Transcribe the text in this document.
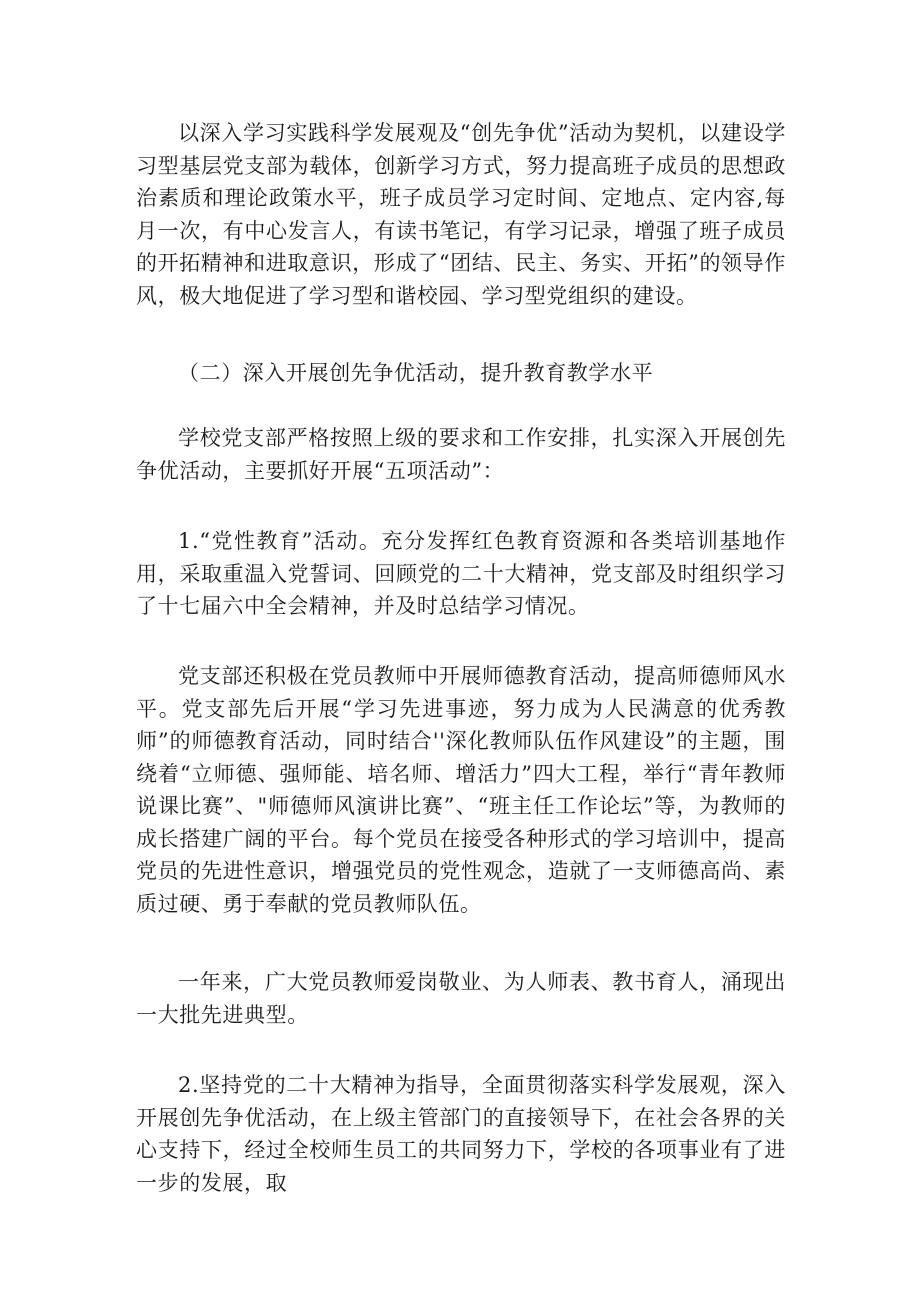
以深入学习实践科学发展观及“创先争优”活动为契机，以建设学习型基层党支部为载体，创新学习方式，努力提高班子成员的思想政治素质和理论政策水平，班子成员学习定时间、定地点、定内容,每月一次，有中心发言人，有读书笔记，有学习记录，增强了班子成员的开拓精神和进取意识，形成了“团结、民主、务实、开拓”的领导作风，极大地促进了学习型和谐校园、学习型党组织的建设。

（二）深入开展创先争优活动，提升教育教学水平

学校党支部严格按照上级的要求和工作安排，扎实深入开展创先争优活动，主要抓好开展“五项活动”：

1.“党性教育”活动。充分发挥红色教育资源和各类培训基地作用，采取重温入党誓词、回顾党的二十大精神，党支部及时组织学习了十七届六中全会精神，并及时总结学习情况。

党支部还积极在党员教师中开展师德教育活动，提高师德师风水平。党支部先后开展“学习先进事迹，努力成为人民满意的优秀教师”的师德教育活动，同时结合''深化教师队伍作风建设”的主题，围绕着“立师德、强师能、培名师、增活力”四大工程，举行“青年教师说课比赛”、"师德师风演讲比赛”、“班主任工作论坛”等，为教师的成长搭建广阔的平台。每个党员在接受各种形式的学习培训中，提高党员的先进性意识，增强党员的党性观念，造就了一支师德高尚、素质过硬、勇于奉献的党员教师队伍。

一年来，广大党员教师爱岗敬业、为人师表、教书育人，涌现出一大批先进典型。

2.坚持党的二十大精神为指导，全面贯彻落实科学发展观，深入开展创先争优活动，在上级主管部门的直接领导下，在社会各界的关心支持下，经过全校师生员工的共同努力下，学校的各项事业有了进一步的发展，取
